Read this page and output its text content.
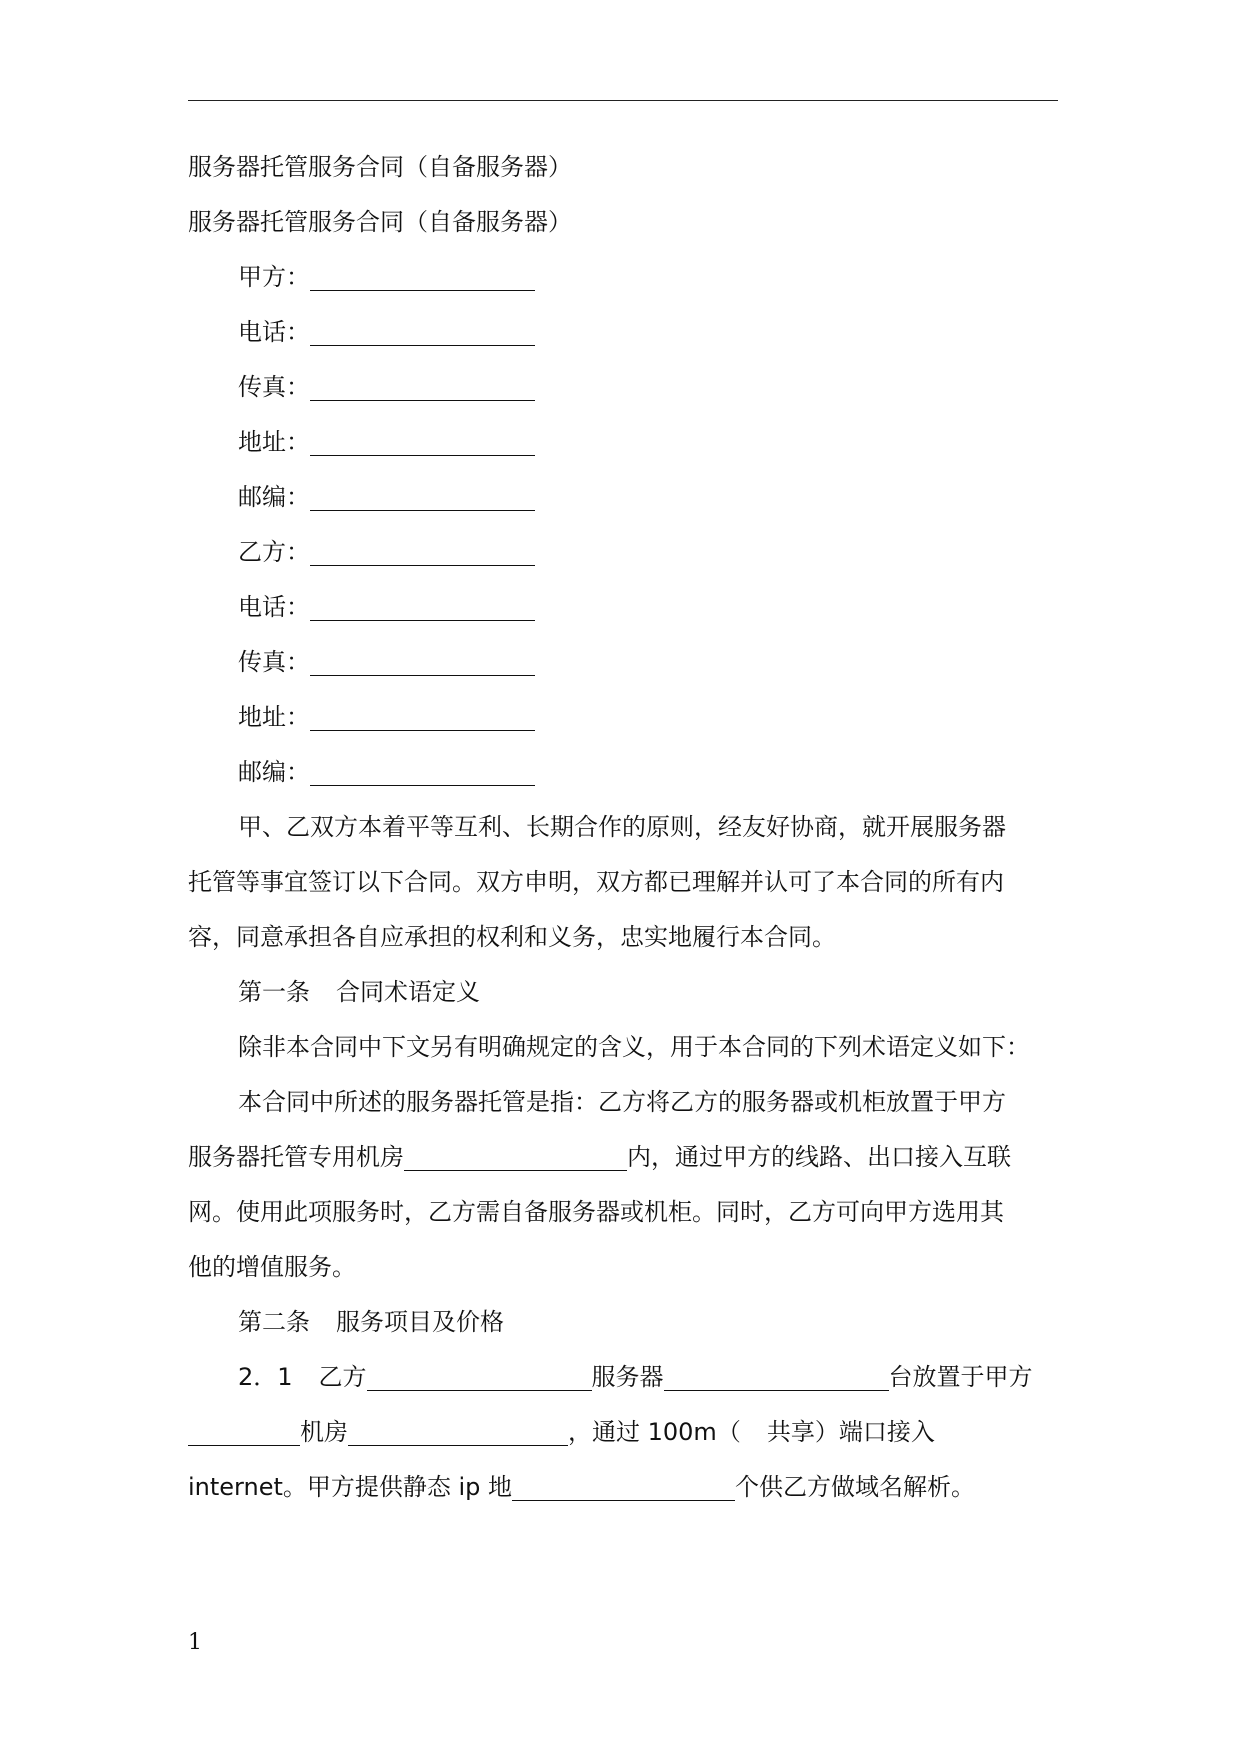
服务器托管服务合同（自备服务器）
服务器托管服务合同（自备服务器）
甲方：
电话：
传真：
地址：
邮编：
乙方：
电话：
传真：
地址：
邮编：
甲、乙双方本着平等互利、长期合作的原则，经友好协商，就开展服务器
托管等事宜签订以下合同。双方申明，双方都已理解并认可了本合同的所有内
容，同意承担各自应承担的权利和义务，忠实地履行本合同。
第一条 合同术语定义
除非本合同中下文另有明确规定的含义，用于本合同的下列术语定义如下：
本合同中所述的服务器托管是指：乙方将乙方的服务器或机柜放置于甲方
服务器托管专用机房	内，通过甲方的线路、出口接入互联
网。使用此项服务时，乙方需自备服务器或机柜。同时，乙方可向甲方选用其
他的增值服务。
第二条 服务项目及价格
2．1 乙方	服务器	台放置于甲方
机房	，通过 100m（ 共享）端口接入
internet。甲方提供静态 ip 地	个供乙方做域名解析。
1
